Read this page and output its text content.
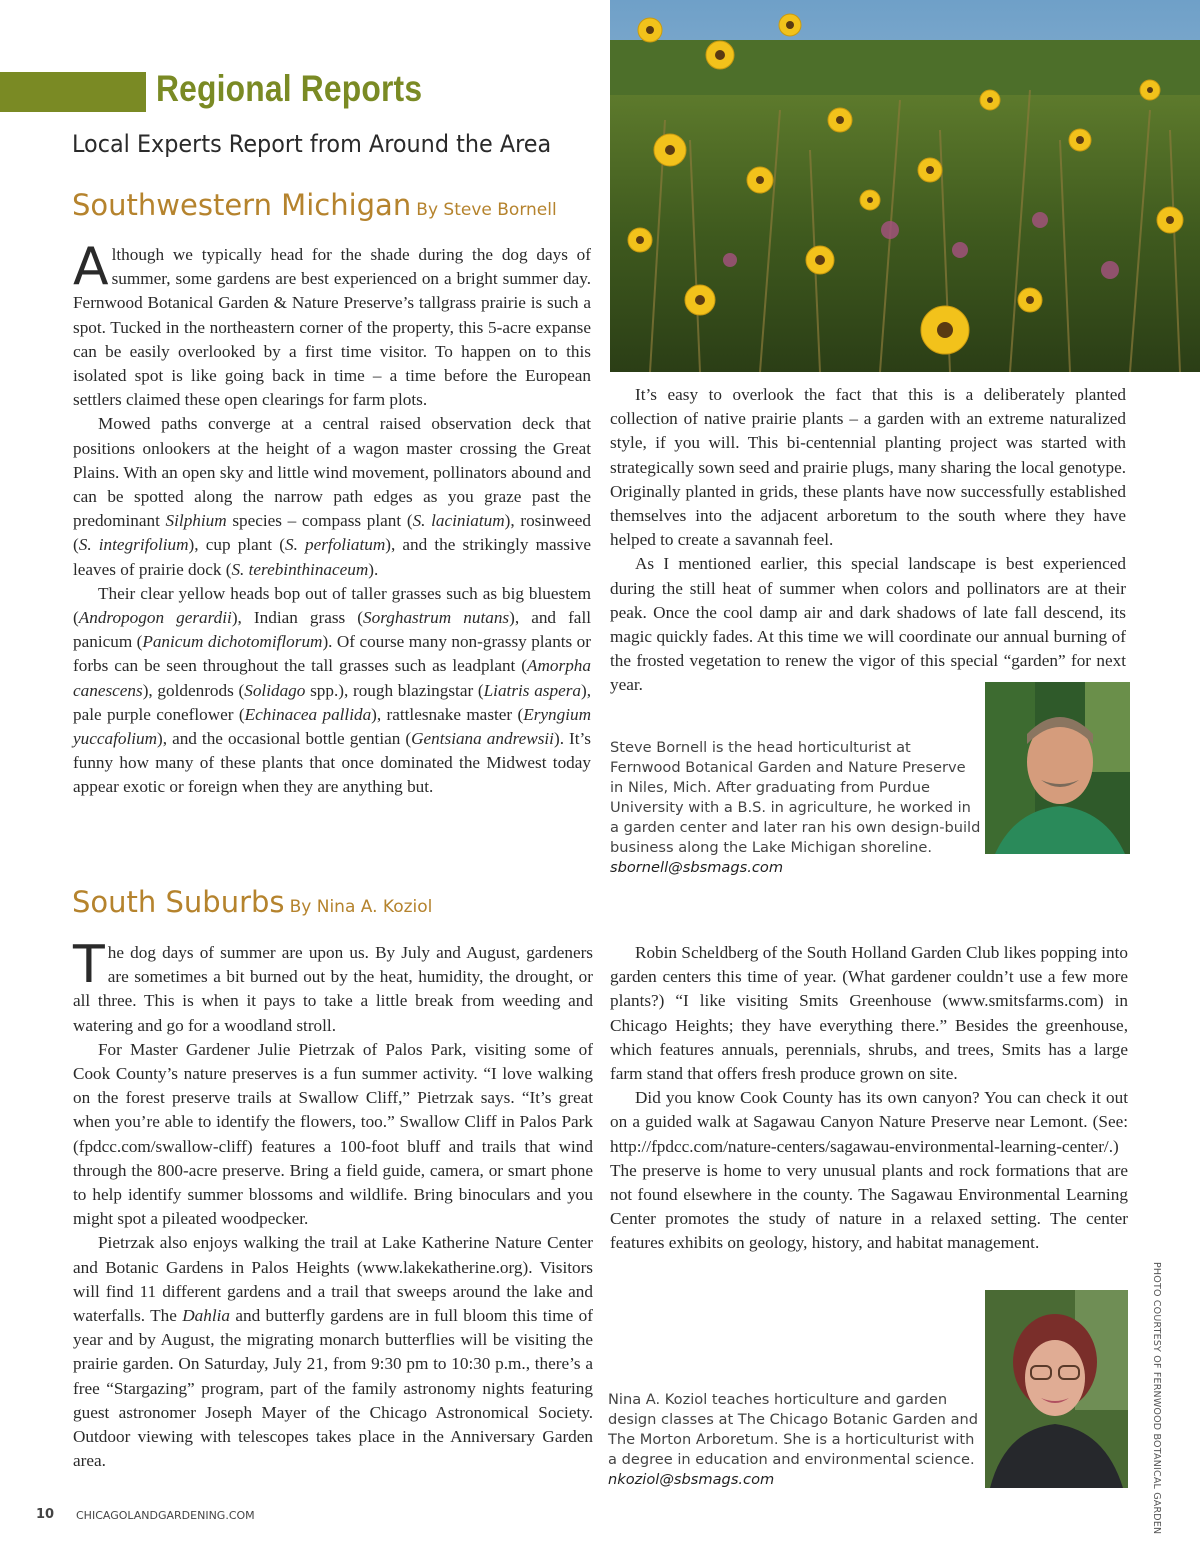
Regional Reports
Local Experts Report from Around the Area
Southwestern Michigan By Steve Bornell

Although we typically head for the shade during the dog days of summer, some gardens are best experienced on a bright summer day. Fernwood Botanical Garden & Nature Preserve’s tallgrass prairie is such a spot. Tucked in the northeastern corner of the property, this 5-acre expanse can be easily overlooked by a first time visitor. To happen on to this isolated spot is like going back in time – a time before the European settlers claimed these open clearings for farm plots.

Mowed paths converge at a central raised observation deck that positions onlookers at the height of a wagon master crossing the Great Plains. With an open sky and little wind movement, pollinators abound and can be spotted along the narrow path edges as you graze past the predominant Silphium species – compass plant (S. laciniatum), rosinweed (S. integrifolium), cup plant (S. perfoliatum), and the strikingly massive leaves of prairie dock (S. terebinthinaceum).

Their clear yellow heads bop out of taller grasses such as big bluestem (Andropogon gerardii), Indian grass (Sorghastrum nutans), and fall panicum (Panicum dichotomiflorum). Of course many non-grassy plants or forbs can be seen throughout the tall grasses such as leadplant (Amorpha canescens), goldenrods (Solidago spp.), rough blazingstar (Liatris aspera), pale purple coneflower (Echinacea pallida), rattlesnake master (Eryngium yuccafolium), and the occasional bottle gentian (Gentsiana andrewsii). It’s funny how many of these plants that once dominated the Midwest today appear exotic or foreign when they are anything but.

It’s easy to overlook the fact that this is a deliberately planted collection of native prairie plants – a garden with an extreme naturalized style, if you will. This bi-centennial planting project was started with strategically sown seed and prairie plugs, many sharing the local genotype. Originally planted in grids, these plants have now successfully established themselves into the adjacent arboretum to the south where they have helped to create a savannah feel.

As I mentioned earlier, this special landscape is best experienced during the still heat of summer when colors and pollinators are at their peak. Once the cool damp air and dark shadows of late fall descend, its magic quickly fades. At this time we will coordinate our annual burning of the frosted vegetation to renew the vigor of this special “garden” for next year.

Steve Bornell is the head horticulturist at Fernwood Botanical Garden and Nature Preserve in Niles, Mich. After graduating from Purdue University with a B.S. in agriculture, he worked in a garden center and later ran his own design-build business along the Lake Michigan shoreline. sbornell@sbsmags.com
South Suburbs By Nina A. Koziol

The dog days of summer are upon us. By July and August, gardeners are sometimes a bit burned out by the heat, humidity, the drought, or all three. This is when it pays to take a little break from weeding and watering and go for a woodland stroll.

For Master Gardener Julie Pietrzak of Palos Park, visiting some of Cook County’s nature preserves is a fun summer activity. “I love walking on the forest preserve trails at Swallow Cliff,” Pietrzak says. “It’s great when you’re able to identify the flowers, too.” Swallow Cliff in Palos Park (fpdcc.com/swallow-cliff) features a 100-foot bluff and trails that wind through the 800-acre preserve. Bring a field guide, camera, or smart phone to help identify summer blossoms and wildlife. Bring binoculars and you might spot a pileated woodpecker.

Pietrzak also enjoys walking the trail at Lake Katherine Nature Center and Botanic Gardens in Palos Heights (www.lakekatherine.org). Visitors will find 11 different gardens and a trail that sweeps around the lake and waterfalls. The Dahlia and butterfly gardens are in full bloom this time of year and by August, the migrating monarch butterflies will be visiting the prairie garden. On Saturday, July 21, from 9:30 pm to 10:30 p.m., there’s a free “Stargazing” program, part of the family astronomy nights featuring guest astronomer Joseph Mayer of the Chicago Astronomical Society. Outdoor viewing with telescopes takes place in the Anniversary Garden area.

Robin Scheldberg of the South Holland Garden Club likes popping into garden centers this time of year. (What gardener couldn’t use a few more plants?) “I like visiting Smits Greenhouse (www.smitsfarms.com) in Chicago Heights; they have everything there.” Besides the greenhouse, which features annuals, perennials, shrubs, and trees, Smits has a large farm stand that offers fresh produce grown on site.

Did you know Cook County has its own canyon? You can check it out on a guided walk at Sagawau Canyon Nature Preserve near Lemont. (See: http://fpdcc.com/nature-centers/sagawau-environmental-learning-center/.) The preserve is home to very unusual plants and rock formations that are not found elsewhere in the county. The Sagawau Environmental Learning Center promotes the study of nature in a relaxed setting. The center features exhibits on geology, history, and habitat management.

Nina A. Koziol teaches horticulture and garden design classes at The Chicago Botanic Garden and The Morton Arboretum. She is a horticulturist with a degree in education and environmental science. nkoziol@sbsmags.com	PHOTO COURTESY OF FERNWOOD BOTANICAL GARDEN
10 CHICAGOLANDGARDENING.COM
